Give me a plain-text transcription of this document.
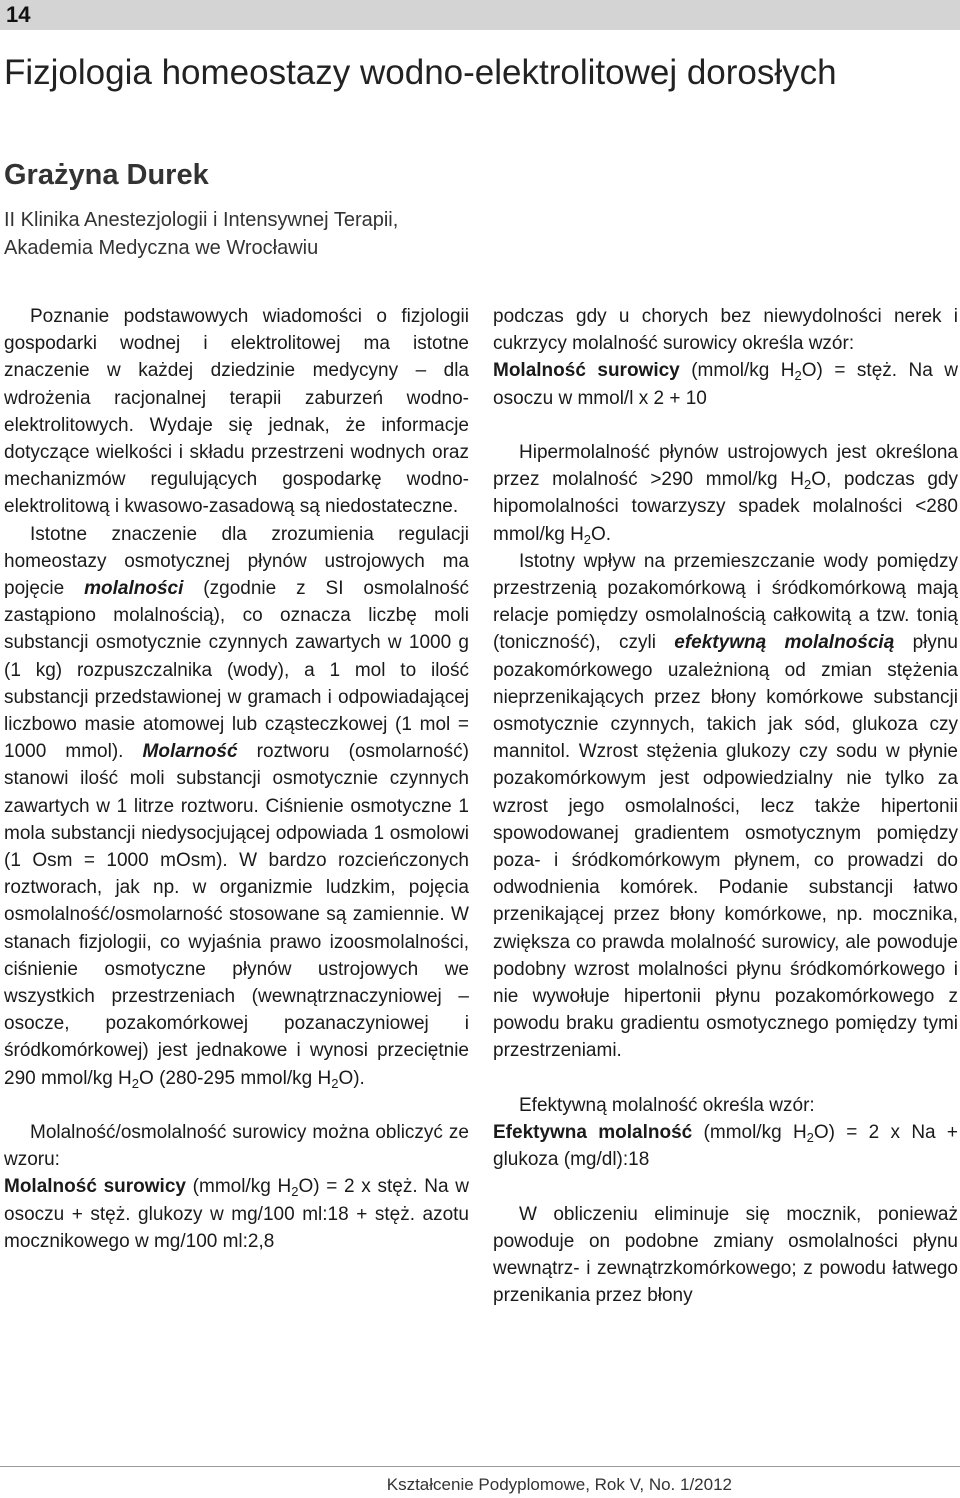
14
Fizjologia homeostazy wodno-elektrolitowej dorosłych
Grażyna Durek
II Klinika Anestezjologii i Intensywnej Terapii,
Akademia Medyczna we Wrocławiu

Poznanie podstawowych wiadomości o fizjologii gospodarki wodnej i elektrolitowej ma istotne znaczenie w każdej dziedzinie medycyny – dla wdrożenia racjonalnej terapii zaburzeń wodno-elektrolitowych. Wydaje się jednak, że informacje dotyczące wielkości i składu przestrzeni wodnych oraz mechanizmów regulujących gospodarkę wodno-elektrolitową i kwasowo-zasadową są niedostateczne.

Istotne znaczenie dla zrozumienia regulacji homeostazy osmotycznej płynów ustrojowych ma pojęcie molalności (zgodnie z SI osmolalność zastąpiono molalnością), co oznacza liczbę moli substancji osmotycznie czynnych zawartych w 1000 g (1 kg) rozpuszczalnika (wody), a 1 mol to ilość substancji przedstawionej w gramach i odpowiadającej liczbowo masie atomowej lub cząsteczkowej (1 mol = 1000 mmol). Molarność roztworu (osmolarność) stanowi ilość moli substancji osmotycznie czynnych zawartych w 1 litrze roztworu. Ciśnienie osmotyczne 1 mola substancji niedysocjującej odpowiada 1 osmolowi (1 Osm = 1000 mOsm). W bardzo rozcieńczonych roztworach, jak np. w organizmie ludzkim, pojęcia osmolalność/osmolarność stosowane są zamiennie. W stanach fizjologii, co wyjaśnia prawo izoosmolalności, ciśnienie osmotyczne płynów ustrojowych we wszystkich przestrzeniach (wewnątrznaczyniowej – osocze, pozakomórkowej pozanaczyniowej i śródkomórkowej) jest jednakowe i wynosi przeciętnie 290 mmol/kg $H_2O$ (280-295 mmol/kg $H_2O$).

Molalność/osmolalność surowicy można obliczyć ze wzoru:

Molalność surowicy (mmol/kg $H_2O) = 2$ x stęż. Na w osoczu + stęż. glukozy w mg/100 ml:18 + stęż. azotu mocznikowego w mg/100 ml:2,8

podczas gdy u chorych bez niewydolności nerek i cukrzycy molalność surowicy określa wzór:

Molalność surowicy (mmol/kg $H_2O$) = stęż. Na w osoczu w mmol/l x 2 + 10

Hipermolalność płynów ustrojowych jest określona przez molalność >290 mmol/kg $H_2O$, podczas gdy hipomolalności towarzyszy spadek molalności <280 mmol/kg $H_2O$.

Istotny wpływ na przemieszczanie wody pomiędzy przestrzenią pozakomórkową i śródkomórkową mają relacje pomiędzy osmolalnością całkowitą a tzw. tonią (toniczność), czyli efektywną molalnością płynu pozakomórkowego uzależnioną od zmian stężenia nieprzenikających przez błony komórkowe substancji osmotycznie czynnych, takich jak sód, glukoza czy mannitol. Wzrost stężenia glukozy czy sodu w płynie pozakomórkowym jest odpowiedzialny nie tylko za wzrost jego osmolalności, lecz także hipertonii spowodowanej gradientem osmotycznym pomiędzy poza- i śródkomórkowym płynem, co prowadzi do odwodnienia komórek. Podanie substancji łatwo przenikającej przez błony komórkowe, np. mocznika, zwiększa co prawda molalność surowicy, ale powoduje podobny wzrost molalności płynu śródkomórkowego i nie wywołuje hipertonii płynu pozakomórkowego z powodu braku gradientu osmotycznego pomiędzy tymi przestrzeniami.

Efektywną molalność określa wzór:

Efektywna molalność (mmol/kg $H_2O) = 2$ x Na + glukoza (mg/dl):18

W obliczeniu eliminuje się mocznik, ponieważ powoduje on podobne zmiany osmolalności płynu wewnątrz- i zewnątrzkomórkowego; z powodu łatwego przenikania przez błony

Kształcenie Podyplomowe, Rok V, No. 1/2012
